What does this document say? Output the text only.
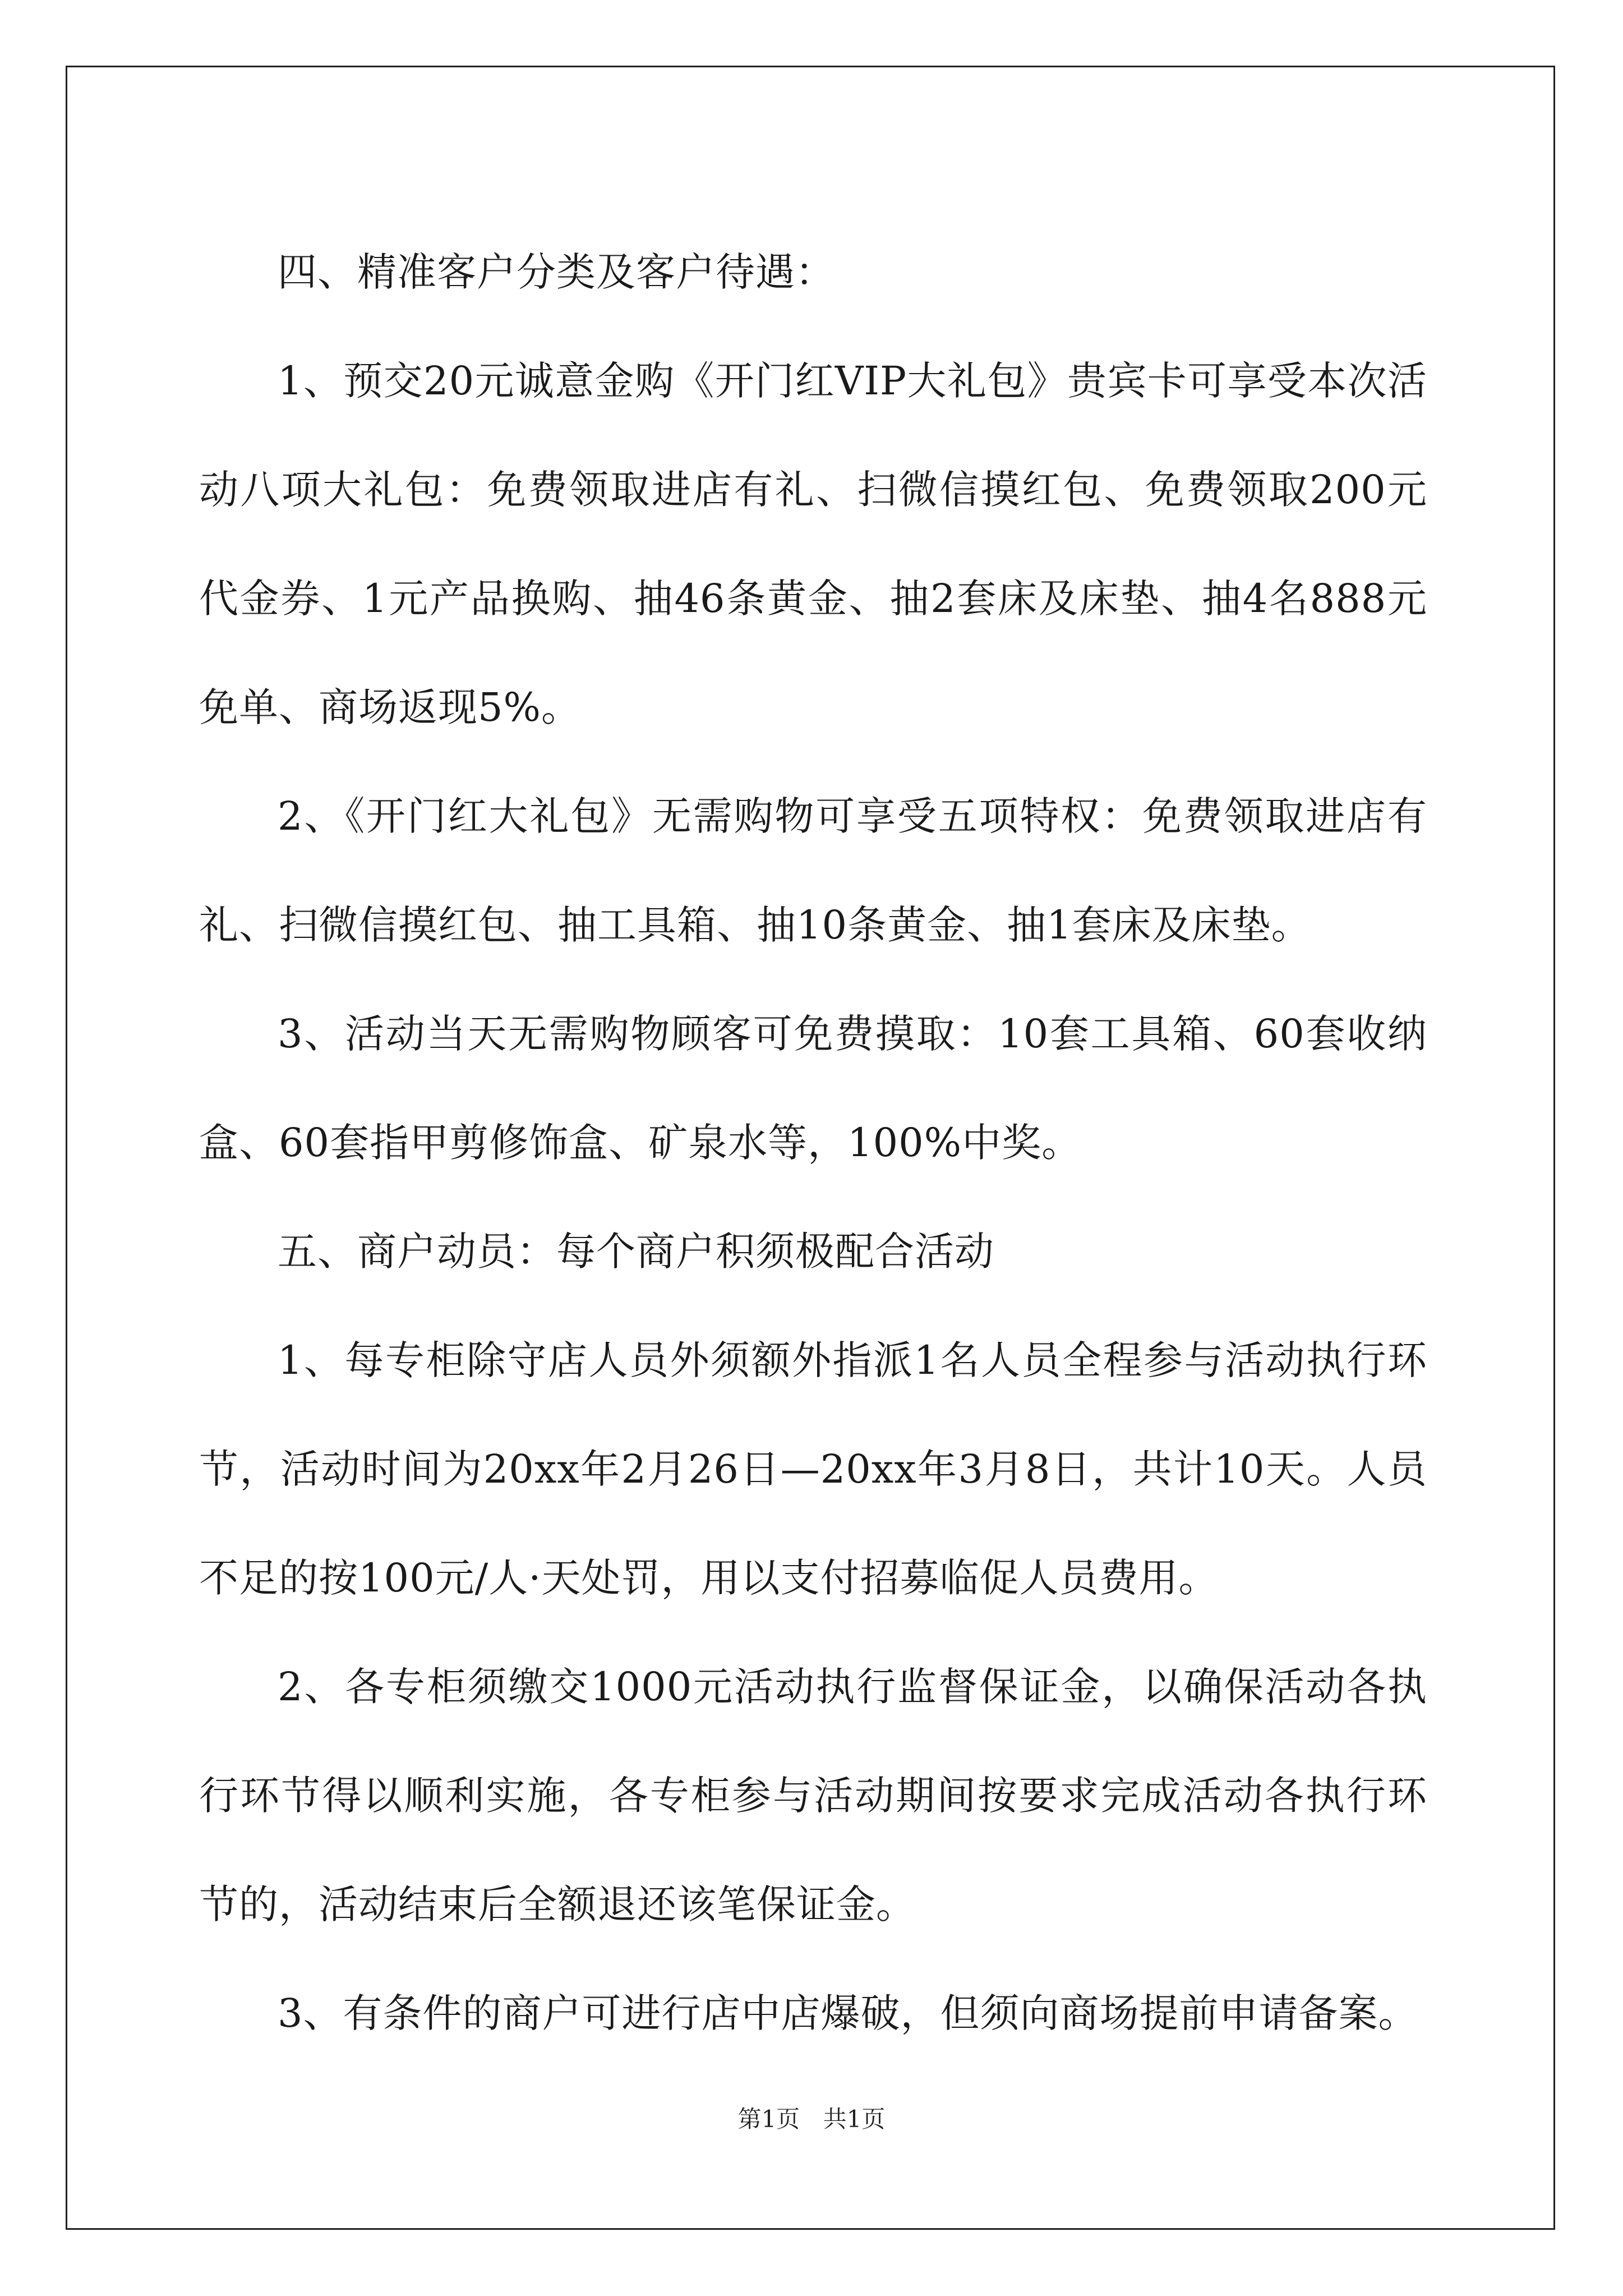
四、精准客户分类及客户待遇：

1、预交20元诚意金购《开门红VIP大礼包》贵宾卡可享受本次活动八项大礼包：免费领取进店有礼、扫微信摸红包、免费领取200元代金券、1元产品换购、抽46条黄金、抽2套床及床垫、抽4名888元免单、商场返现5%。

2、《开门红大礼包》无需购物可享受五项特权：免费领取进店有礼、扫微信摸红包、抽工具箱、抽10条黄金、抽1套床及床垫。

3、活动当天无需购物顾客可免费摸取：10套工具箱、60套收纳盒、60套指甲剪修饰盒、矿泉水等，100%中奖。

五、商户动员：每个商户积须极配合活动

1、每专柜除守店人员外须额外指派1名人员全程参与活动执行环节，活动时间为20xx年2月26日—20xx年3月8日，共计10天。人员不足的按100元/人·天处罚，用以支付招募临促人员费用。

2、各专柜须缴交1000元活动执行监督保证金，以确保活动各执行环节得以顺利实施，各专柜参与活动期间按要求完成活动各执行环节的，活动结束后全额退还该笔保证金。

3、有条件的商户可进行店中店爆破，但须向商场提前申请备案。

第1页 共1页
